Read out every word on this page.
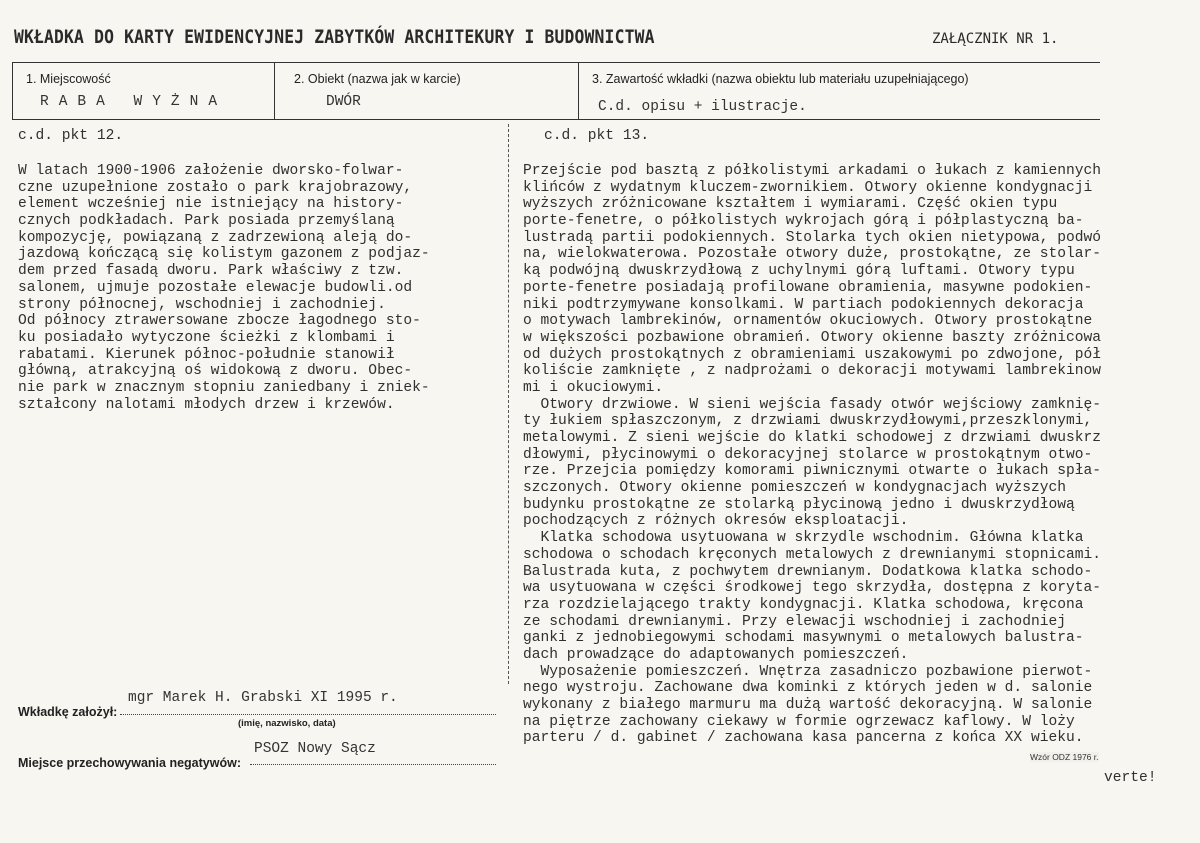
WKŁADKA DO KARTY EWIDENCYJNEJ ZABYTKÓW ARCHITEKURY I BUDOWNICTWA	ZAŁĄCZNIK NR 1.
1. Miejscowość
RABA WYŻNA
2. Obiekt (nazwa jak w karcie)
DWÓR
3. Zawartość wkładki (nazwa obiektu lub materiału uzupełniającego)
C.d. opisu + ilustracje.
c.d. pkt 12.
W latach 1900-1906 założenie dworsko-folwar-
czne uzupełnione zostało o park krajobrazowy,
element wcześniej nie istniejący na history-
cznych podkładach. Park posiada przemyślaną
kompozycję, powiązaną z zadrzewioną aleją do-
jazdową kończącą się kolistym gazonem z podjaz-
dem przed fasadą dworu. Park właściwy z tzw.
salonem, ujmuje pozostałe elewacje budowli.od
strony północnej, wschodniej i zachodniej.
Od północy ztrawersowane zbocze łagodnego sto-
ku posiadało wytyczone ścieżki z klombami i
rabatami. Kierunek północ-południe stanowił
główną, atrakcyjną oś widokową z dworu. Obec-
nie park w znacznym stopniu zaniedbany i zniek-
ształcony nalotami młodych drzew i krzewów.
c.d. pkt 13.
Przejście pod basztą z półkolistymi arkadami o łukach z kamiennych
klińców z wydatnym kluczem-zwornikiem. Otwory okienne kondygnacji
wyższych zróżnicowane kształtem i wymiarami. Część okien typu
porte-fenetre, o półkolistych wykrojach górą i półplastyczną ba-
lustradą partii podokiennych. Stolarka tych okien nietypowa, podwó
na, wielokwaterowa. Pozostałe otwory duże, prostokątne, ze stolar-
ką podwójną dwuskrzydłową z uchylnymi górą luftami. Otwory typu
porte-fenetre posiadają profilowane obramienia, masywne podokien-
niki podtrzymywane konsolkami. W partiach podokiennych dekoracja
o motywach lambrekinów, ornamentów okuciowych. Otwory prostokątne
w większości pozbawione obramień. Otwory okienne baszty zróżnicowa
od dużych prostokątnych z obramieniami uszakowymi po zdwojone, pół
koliście zamknięte , z nadprożami o dekoracji motywami lambrekinow
mi i okuciowymi.
Otwory drzwiowe. W sieni wejścia fasady otwór wejściowy zamknię-
ty łukiem spłaszczonym, z drzwiami dwuskrzydłowymi,przeszklonymi,
metalowymi. Z sieni wejście do klatki schodowej z drzwiami dwuskrz
dłowymi, płycinowymi o dekoracyjnej stolarce w prostokątnym otwo-
rze. Przejcia pomiędzy komorami piwnicznymi otwarte o łukach spła-
szczonych. Otwory okienne pomieszczeń w kondygnacjach wyższych
budynku prostokątne ze stolarką płycinową jedno i dwuskrzydłową
pochodzących z różnych okresów eksploatacji.
Klatka schodowa usytuowana w skrzydle wschodnim. Główna klatka
schodowa o schodach kręconych metalowych z drewnianymi stopnicami.
Balustrada kuta, z pochwytem drewnianym. Dodatkowa klatka schodo-
wa usytuowana w części środkowej tego skrzydła, dostępna z koryta-
rza rozdzielającego trakty kondygnacji. Klatka schodowa, kręcona
ze schodami drewnianymi. Przy elewacji wschodniej i zachodniej
ganki z jednobiegowymi schodami masywnymi o metalowych balustra-
dach prowadzące do adaptowanych pomieszczeń.
Wyposażenie pomieszczeń. Wnętrza zasadniczo pozbawione pierwot-
nego wystroju. Zachowane dwa kominki z których jeden w d. salonie
wykonany z białego marmuru ma dużą wartość dekoracyjną. W salonie
na piętrze zachowany ciekawy w formie ogrzewacz kaflowy. W loży
parteru / d. gabinet / zachowana kasa pancerna z końca XX wieku.
verte!
Wkładkę założył:
mgr Marek H. Grabski XI 1995 r.
(imię, nazwisko, data)
Miejsce przechowywania negatywów:
PSOZ Nowy Sącz	Wzór ODZ 1976 r.
